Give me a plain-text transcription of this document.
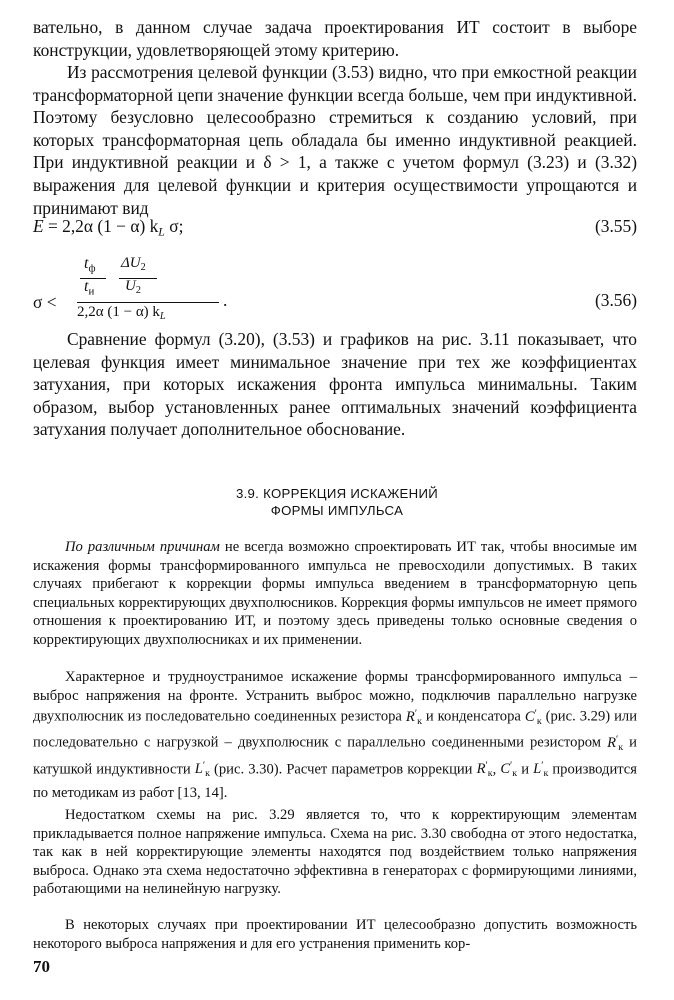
вательно, в данном случае задача проектирования ИТ состоит в выборе конструкции, удовлетворяющей этому критерию.

Из рассмотрения целевой функции (3.53) видно, что при емкостной реакции трансформаторной цепи значение функции всегда больше, чем при индуктивной. Поэтому безусловно целесообразно стремиться к созданию условий, при которых трансформаторная цепь обладала бы именно индуктивной реакцией. При индуктивной реакции и δ > 1, а также с учетом формул (3.23) и (3.32) выражения для целевой функции и критерия осуществимости упрощаются и принимают вид

E = 2,2α (1 − α) $k_L$ σ;	(3.55)
σ <
$t_ф$
$t_и$
$\Delta U_2$
$U_2$
2,2α (1 − α) $k_L$
.	(3.56)

Сравнение формул (3.20), (3.53) и графиков на рис. 3.11 показывает, что целевая функция имеет минимальное значение при тех же коэффициентах затухания, при которых искажения фронта импульса минимальны. Таким образом, выбор установленных ранее оптимальных значений коэффициента затухания получает дополнительное обоснование.

3.9. КОРРЕКЦИЯ ИСКАЖЕНИЙ
ФОРМЫ ИМПУЛЬСА

По различным причинам не всегда возможно спроектировать ИТ так, чтобы вносимые им искажения формы трансформированного импульса не превосходили допустимых. В таких случаях прибегают к коррекции формы импульса введением в трансформаторную цепь специальных корректирующих двухполюсников. Коррекция формы импульсов не имеет прямого отношения к проектированию ИТ, и поэтому здесь приведены только основные сведения о корректирующих двухполюсниках и их применении.

Характерное и трудноустранимое искажение формы трансформированного импульса – выброс напряжения на фронте. Устранить выброс можно, подключив параллельно нагрузке двухполюсник из последовательно соединенных резистора $R'_к$ и конденсатора $C'_к$ (рис. 3.29) или последовательно с нагрузкой – двухполюсник с параллельно соединенными резистором $R'_к$ и катушкой индуктивности $L'_к$ (рис. 3.30). Расчет параметров коррекции $R'_к$, $C'_к$ и $L'_к$ производится по методикам из работ [13, 14].

Недостатком схемы на рис. 3.29 является то, что к корректирующим элементам прикладывается полное напряжение импульса. Схема на рис. 3.30 свободна от этого недостатка, так как в ней корректирующие элементы находятся под воздействием только напряжения выброса. Однако эта схема недостаточно эффективна в генераторах с формирующими линиями, работающими на нелинейную нагрузку.

В некоторых случаях при проектировании ИТ целесообразно допустить возможность некоторого выброса напряжения и для его устранения применить кор-

70
